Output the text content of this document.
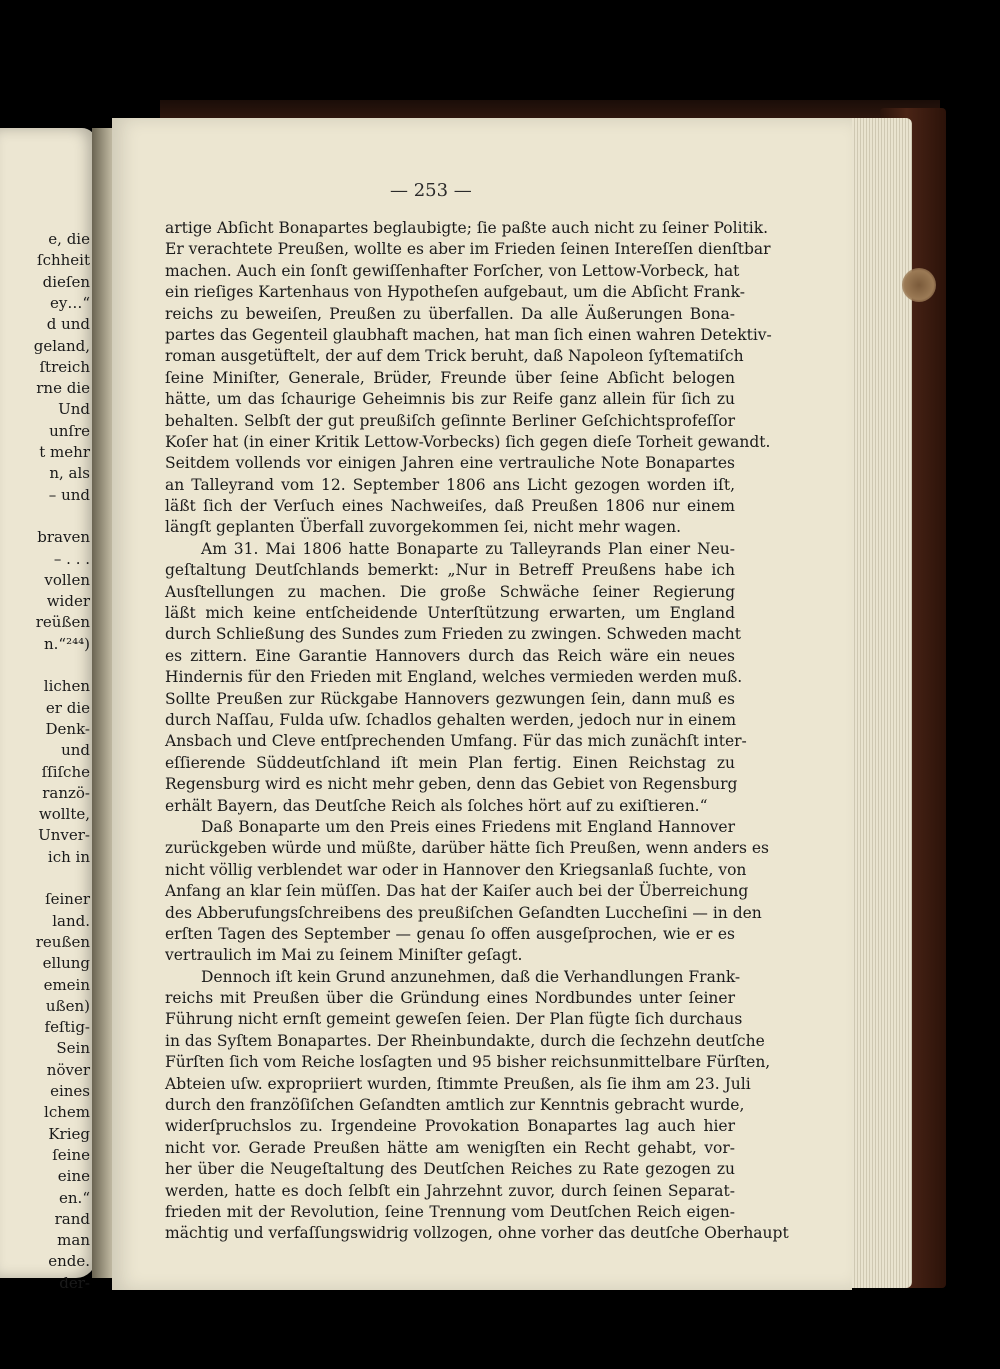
e, die
ſchheit
dieſen
ey…“
d und
geland,
ſtreich
rne die
Und
unſre
t mehr
n, als
– und
braven
– . . .
vollen
wider
reüßen
n.“²⁴⁴)
lichen
er die
Denk-
und
ſſiſche
ranzö-
wollte,
Unver-
ich in
ſeiner
land.
reußen
ellung
emein
ußen)
feſtig-
Sein
növer
eines
lchem
Krieg
ſeine
eine
en.“
rand
man
ende.
der-
— 253 —
artige Abſicht Bonapartes beglaubigte; ſie paßte auch nicht zu ſeiner Politik.
Er verachtete Preußen, wollte es aber im Frieden ſeinen Intereſſen dienſtbar
machen. Auch ein ſonſt gewiſſenhafter Forſcher, von Lettow-Vorbeck, hat
ein rieſiges Kartenhaus von Hypotheſen aufgebaut, um die Abſicht Frank-
reichs zu beweiſen, Preußen zu überfallen. Da alle Äußerungen Bona-
partes das Gegenteil glaubhaft machen, hat man ſich einen wahren Detektiv-
roman ausgetüftelt, der auf dem Trick beruht, daß Napoleon ſyſtematiſch
ſeine Miniſter, Generale, Brüder, Freunde über ſeine Abſicht belogen
hätte, um das ſchaurige Geheimnis bis zur Reife ganz allein für ſich zu
behalten. Selbſt der gut preußiſch geſinnte Berliner Geſchichtsprofeſſor
Koſer hat (in einer Kritik Lettow-Vorbecks) ſich gegen dieſe Torheit gewandt.
Seitdem vollends vor einigen Jahren eine vertrauliche Note Bonapartes
an Talleyrand vom 12. September 1806 ans Licht gezogen worden iſt,
läßt ſich der Verſuch eines Nachweiſes, daß Preußen 1806 nur einem
längſt geplanten Überfall zuvorgekommen ſei, nicht mehr wagen.
Am 31. Mai 1806 hatte Bonaparte zu Talleyrands Plan einer Neu-
geſtaltung Deutſchlands bemerkt: „Nur in Betreff Preußens habe ich
Ausſtellungen zu machen. Die große Schwäche ſeiner Regierung
läßt mich keine entſcheidende Unterſtützung erwarten, um England
durch Schließung des Sundes zum Frieden zu zwingen. Schweden macht
es zittern. Eine Garantie Hannovers durch das Reich wäre ein neues
Hindernis für den Frieden mit England, welches vermieden werden muß.
Sollte Preußen zur Rückgabe Hannovers gezwungen ſein, dann muß es
durch Naſſau, Fulda uſw. ſchadlos gehalten werden, jedoch nur in einem
Ansbach und Cleve entſprechenden Umfang. Für das mich zunächſt inter-
eſſierende Süddeutſchland iſt mein Plan fertig. Einen Reichstag zu
Regensburg wird es nicht mehr geben, denn das Gebiet von Regensburg
erhält Bayern, das Deutſche Reich als ſolches hört auf zu exiſtieren.“
Daß Bonaparte um den Preis eines Friedens mit England Hannover
zurückgeben würde und müßte, darüber hätte ſich Preußen, wenn anders es
nicht völlig verblendet war oder in Hannover den Kriegsanlaß ſuchte, von
Anfang an klar ſein müſſen. Das hat der Kaiſer auch bei der Überreichung
des Abberufungsſchreibens des preußiſchen Geſandten Luccheſini — in den
erſten Tagen des September — genau ſo offen ausgeſprochen, wie er es
vertraulich im Mai zu ſeinem Miniſter geſagt.
Dennoch iſt kein Grund anzunehmen, daß die Verhandlungen Frank-
reichs mit Preußen über die Gründung eines Nordbundes unter ſeiner
Führung nicht ernſt gemeint geweſen ſeien. Der Plan fügte ſich durchaus
in das Syſtem Bonapartes. Der Rheinbundakte, durch die ſechzehn deutſche
Fürſten ſich vom Reiche losſagten und 95 bisher reichsunmittelbare Fürſten,
Abteien uſw. expropriiert wurden, ſtimmte Preußen, als ſie ihm am 23. Juli
durch den franzöſiſchen Geſandten amtlich zur Kenntnis gebracht wurde,
widerſpruchslos zu. Irgendeine Provokation Bonapartes lag auch hier
nicht vor. Gerade Preußen hätte am wenigſten ein Recht gehabt, vor-
her über die Neugeſtaltung des Deutſchen Reiches zu Rate gezogen zu
werden, hatte es doch ſelbſt ein Jahrzehnt zuvor, durch ſeinen Separat-
frieden mit der Revolution, ſeine Trennung vom Deutſchen Reich eigen-
mächtig und verfaſſungswidrig vollzogen, ohne vorher das deutſche Oberhaupt
